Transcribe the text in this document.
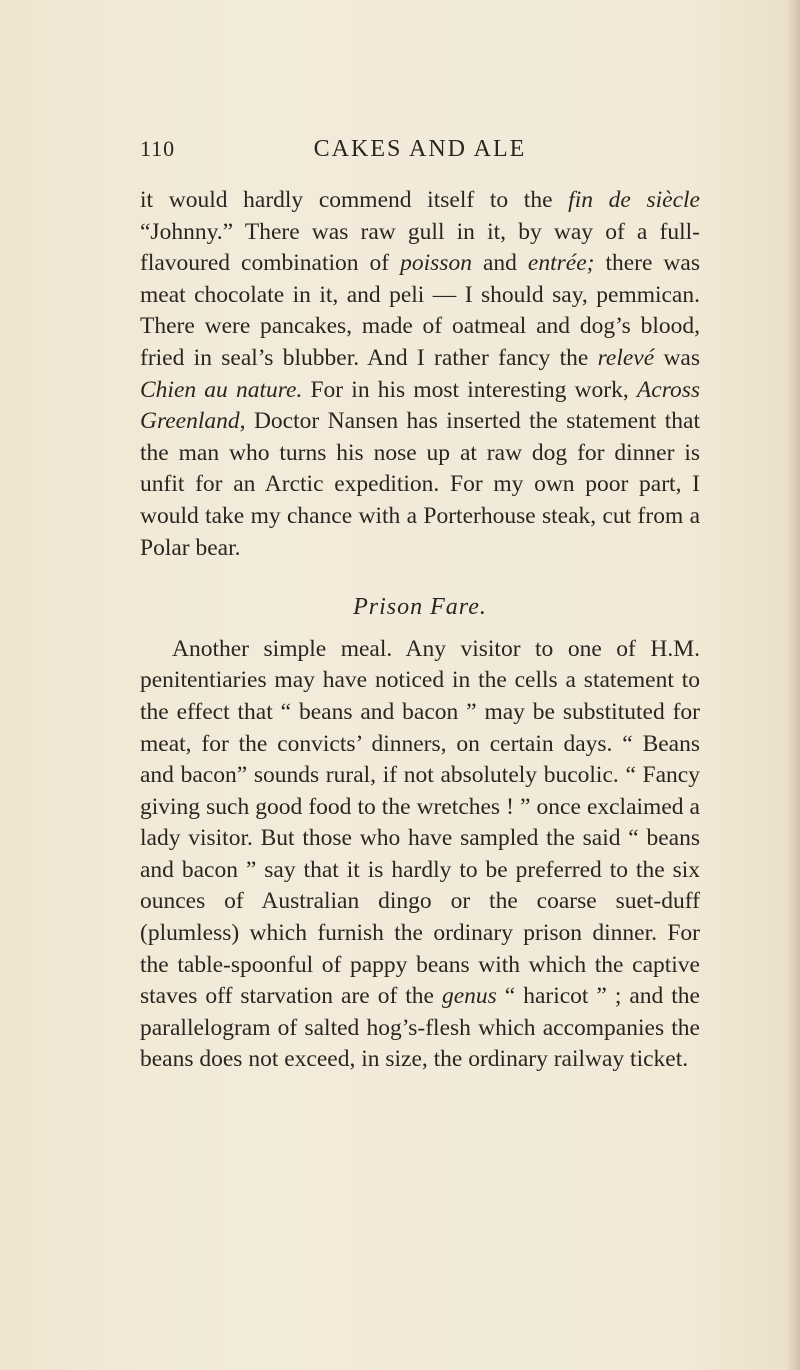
110	CAKES AND ALE

it would hardly commend itself to the fin de siècle “Johnny.” There was raw gull in it, by way of a full-flavoured combination of poisson and entrée; there was meat chocolate in it, and peli — I should say, pemmican. There were pancakes, made of oatmeal and dog’s blood, fried in seal’s blubber. And I rather fancy the relevé was Chien au nature. For in his most interesting work, Across Greenland, Doctor Nansen has inserted the statement that the man who turns his nose up at raw dog for dinner is unfit for an Arctic expedition. For my own poor part, I would take my chance with a Porterhouse steak, cut from a Polar bear.

Prison Fare.

Another simple meal. Any visitor to one of H.M. penitentiaries may have noticed in the cells a statement to the effect that “ beans and bacon ” may be substituted for meat, for the convicts’ dinners, on certain days. “ Beans and bacon” sounds rural, if not absolutely bucolic. “ Fancy giving such good food to the wretches ! ” once exclaimed a lady visitor. But those who have sampled the said “ beans and bacon ” say that it is hardly to be preferred to the six ounces of Australian dingo or the coarse suet-duff (plumless) which furnish the ordinary prison dinner. For the table-spoonful of pappy beans with which the captive staves off starvation are of the genus “ haricot ” ; and the parallelogram of salted hog’s-flesh which accompanies the beans does not exceed, in size, the ordinary railway ticket.
